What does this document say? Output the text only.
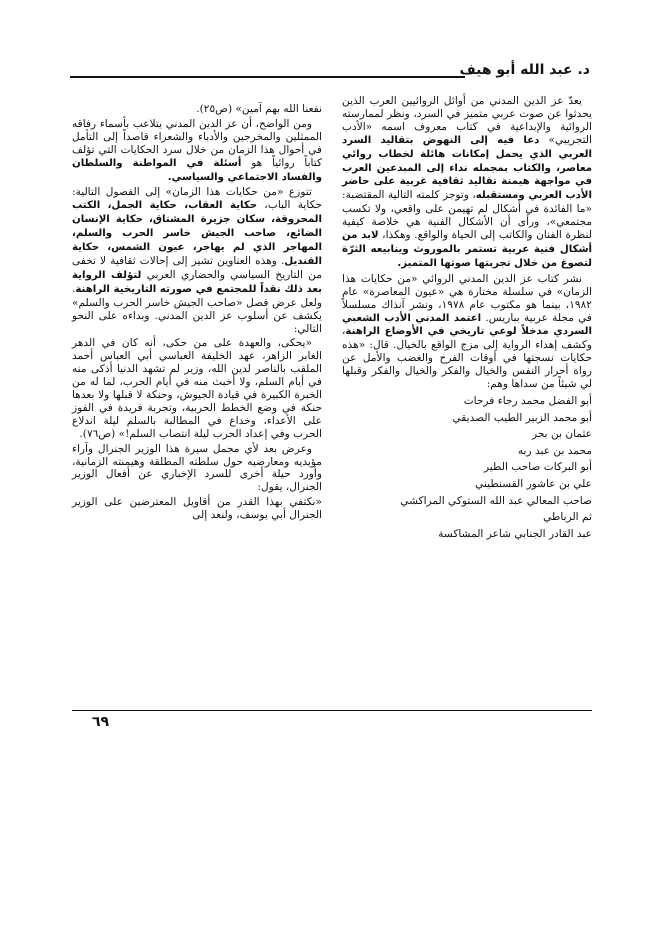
د. عبد الله أبو هيف

يعدّ عز الدين المدني من أوائل الروائيين العرب الذين يحدثوا عن صوت عربي متميز في السرد، ونظر لممارسته الروائية والإبداعية في كتاب معروف اسمه «الأدب التجريبي» دعا فيه إلى النهوض بتقاليد السرد العربي الذي يحمل إمكانات هائلة لخطاب روائي معاصر، والكتاب بمجمله نداء إلى المبدعين العرب في مواجهة هيمنة تقاليد ثقافية غربية على حاضر الأدب العربي ومستقبله، وتوجز كلمته التالية المقتضبة: «ما الفائدة في أشكال لم تهيمن على واقعي، ولا تكسب مجتمعي»، ورأى أن الأشكال الفنية هي خلاصة كيفية لنظرة الفنان والكاتب إلى الحياة والواقع. وهكذا، لابد من أشكال فنية عربية تستمر بالموروث وينابيعه الثرّة لتصوغ من خلال تجربتها صوتها المتميز.

نشر كتاب عز الدين المدني الروائي «من حكايات هذا الزمان» في سلسلة مختارة هي «عيون المعاصرة» عام ١٩٨٢، بينما هو مكتوب عام ١٩٧٨، ونشر آنذاك مسلسلاً في مجلة عربية بباريس. اعتمد المدني الأدب الشعبي السردي مدخلاً لوعي تاريخي في الأوضاع الراهنة، وكشف إهداء الرواية إلى مزج الواقع بالخيال. قال: «هذه حكايات نسجتها في أوقات الفرح والغضب والأمل عن رواة أحرار النفس والخيال والفكر والخيال والفكر وقبلها لي شيئاً من سداها وهم:

أبو الفضل محمد رجاء فرحات
أبو محمد الزبير الطيب الصديقي
عثمان بن بحر
محمد بن عبد ربه
أبو البركات صاحب الطير
علي بن عاشور القسنطيني
صاحب المعالي عبد الله الستوكي المراكشي
ثم الرباطي
عبد القادر الجنابي شاعر المشاكسة

نفعنا الله بهم آمين» (ص٢٥).

ومن الواضح، أن عز الدين المدني يتلاعب بأسماء رفاقه الممثلين والمخرجين والأدباء والشعراء قاصداً إلى التأمل في أحوال هذا الزمان من خلال سرد الحكايات التي تؤلف كتاباً روائياً هو أسئلة في المواطنة والسلطان والفساد الاجتماعي والسياسي.

تتوزع «من حكايات هذا الزمان» إلى الفصول التالية: حكاية الباب، حكاية العقاب، حكاية الجمل، الكتب المحروقة، سكان جزيرة المشتاق، حكاية الإنسان الضائع، صاحب الجيش خاسر الحرب والسلم، المهاجر الذي لم يهاجر، عيون الشمس، حكاية القنديل. وهذه العناوين تشير إلى إحالات ثقافية لا تخفى من التاريخ السياسي والحضاري العربي لتؤلف الرواية بعد ذلك نقداً للمجتمع في صورته التاريخية الراهنة. ولعل عرض فصل «صاحب الجيش خاسر الحرب والسلم» يكشف عن أسلوب عز الدين المدني. وبداءه على النحو التالي:

«يحكى، والعهدة على من حكى، أنه كان في الدهر الغابر الزاهر، عهد الخليفة العباسي أبي العباس أحمد الملقب بالناصر لدين الله، وزير لم تشهد الدنيا أذكى منه في أيام السلم، ولا أخبث منه في أيام الحرب، لما له من الخبرة الكبيرة في قيادة الجيوش، وحنكة لا قبلها ولا بعدها حنكة في وضع الخطط الحربية، وتجربة فريدة في الفوز على الأعداء، وخداع في المطالبة بالسلم ليلة اندلاع الحرب وفي إعداد الحرب ليلة انتصاب السلم!» (ص٧٦).

وعرض بعد لأي مجمل سيرة هذا الوزير الجنرال وآراء مؤيديه ومعارضيه حول سلطته المطلقة وهيمنته الزمانية، وأورد حيلة أخرى للسرد الإخباري عن أفعال الوزير الجنرال، يقول:

«نكتفي بهذا القدر من أقاويل المعترضين على الوزير الجنرال أبي يوسف، ولنعد إلى

٦٩
